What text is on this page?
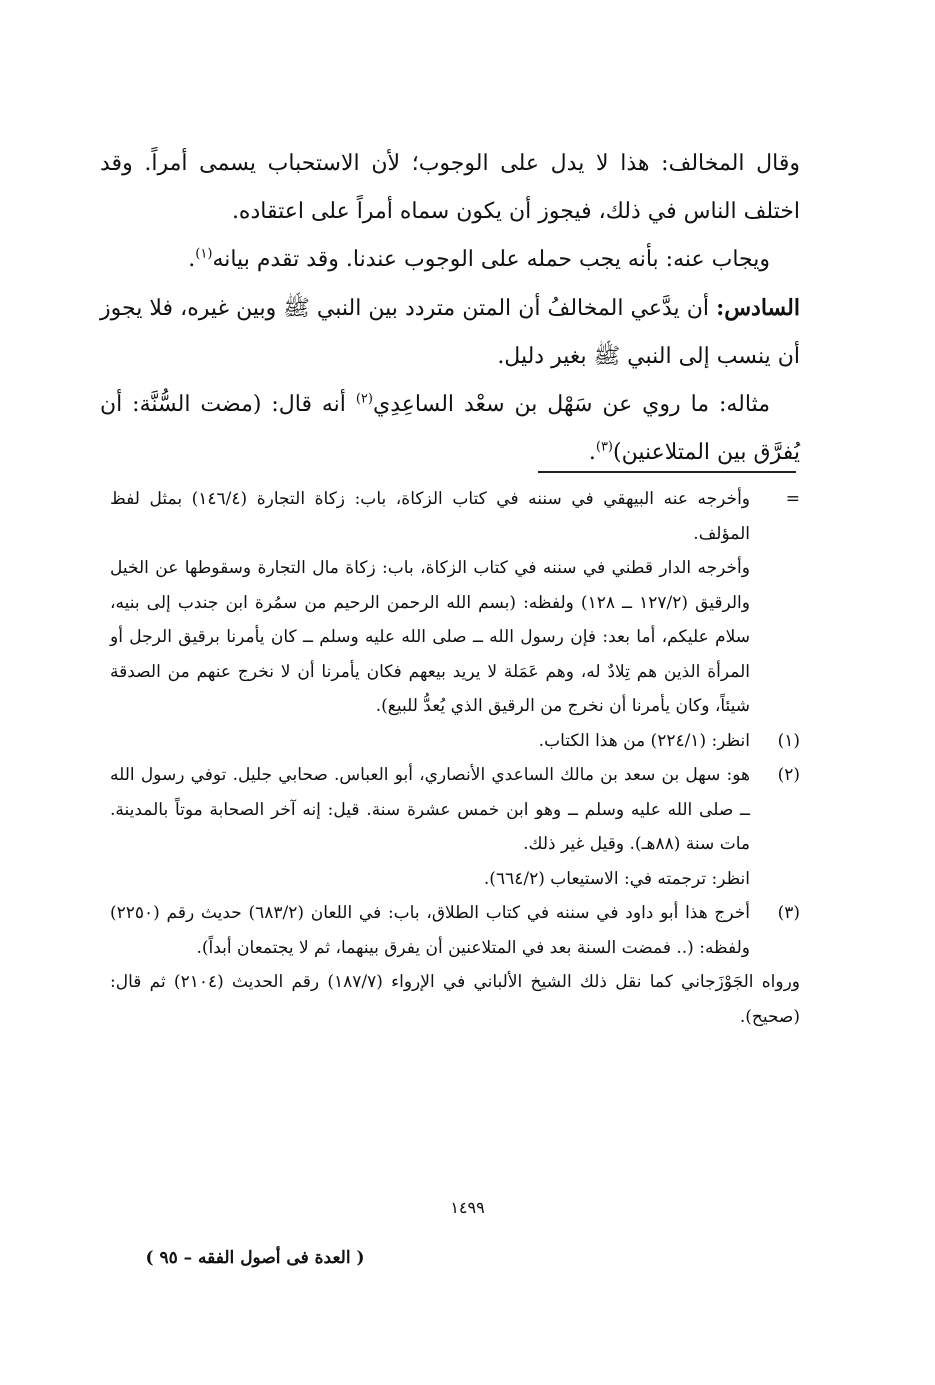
وقال المخالف: هذا لا يدل على الوجوب؛ لأن الاستحباب يسمى أمراً. وقد اختلف الناس في ذلك، فيجوز أن يكون سماه أمراً على اعتقاده.

ويجاب عنه: بأنه يجب حمله على الوجوب عندنا. وقد تقدم بيانه$^{(١)}$.

السادس: أن يدَّعي المخالفُ أن المتن متردد بين النبي ﷺ وبين غيره، فلا يجوز أن ينسب إلى النبي ﷺ بغير دليل.

مثاله: ما روي عن سَهْل بن سعْد الساعِدِي$^{(٢)}$ أنه قال: (مضت السُّنَّة: أن يُفرَّق بين المتلاعنين)$^{(٣)}$.

=

وأخرجه عنه البيهقي في سننه في كتاب الزكاة، باب: زكاة التجارة (١٤٦/٤) بمثل لفظ المؤلف.

وأخرجه الدار قطني في سننه في كتاب الزكاة، باب: زكاة مال التجارة وسقوطها عن الخيل والرقيق (١٢٧/٢ ــ ١٢٨) ولفظه: (بسم الله الرحمن الرحيم من سمُرة ابن جندب إلى بنيه، سلام عليكم، أما بعد: فإن رسول الله ــ صلى الله عليه وسلم ــ كان يأمرنا برقيق الرجل أو المرأة الذين هم تِلادٌ له، وهم عَمَلة لا يريد بيعهم فكان يأمرنا أن لا نخرج عنهم من الصدقة شيئاً، وكان يأمرنا أن نخرج من الرقيق الذي يُعدُّ للبيع).

(١)

انظر: (٢٢٤/١) من هذا الكتاب.

(٢)

هو: سهل بن سعد بن مالك الساعدي الأنصاري، أبو العباس. صحابي جليل. توفي رسول الله ــ صلى الله عليه وسلم ــ وهو ابن خمس عشرة سنة. قيل: إنه آخر الصحابة موتاً بالمدينة. مات سنة (٨٨هـ). وقيل غير ذلك.

انظر: ترجمته في: الاستيعاب (٦٦٤/٢).

(٣)

أخرج هذا أبو داود في سننه في كتاب الطلاق، باب: في اللعان (٦٨٣/٢) حديث رقم (٢٢٥٠) ولفظه: (.. فمضت السنة بعد في المتلاعنين أن يفرق بينهما، ثم لا يجتمعان أبداً).

ورواه الجَوْزَجاني كما نقل ذلك الشيخ الألباني في الإرواء (١٨٧/٧) رقم الحديث (٢١٠٤) ثم قال: (صحيح).

١٤٩٩
( العدة فى أصول الفقه – ٩٥ )
